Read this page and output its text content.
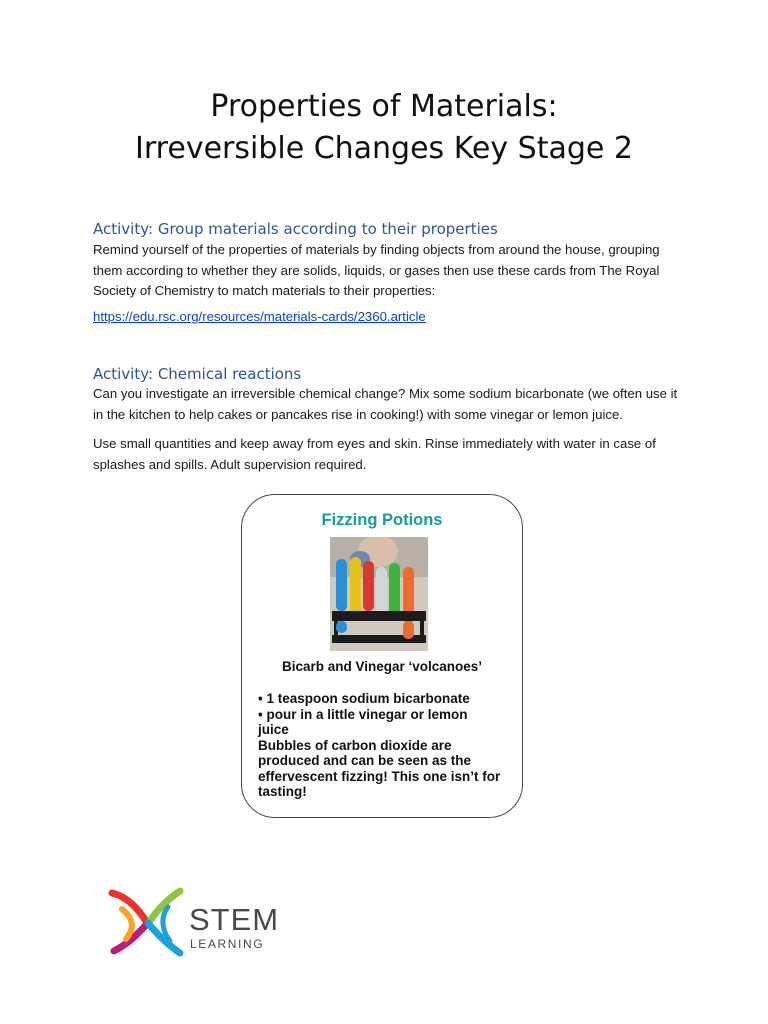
Properties of Materials:
Irreversible Changes Key Stage 2
Activity: Group materials according to their properties

Remind yourself of the properties of materials by finding objects from around the house, grouping them according to whether they are solids, liquids, or gases then use these cards from The Royal Society of Chemistry to match materials to their properties:

https://edu.rsc.org/resources/materials-cards/2360.article
Activity: Chemical reactions

Can you investigate an irreversible chemical change? Mix some sodium bicarbonate (we often use it in the kitchen to help cakes or pancakes rise in cooking!) with some vinegar or lemon juice.

Use small quantities and keep away from eyes and skin. Rinse immediately with water in case of splashes and spills. Adult supervision required.

Fizzing Potions
Bicarb and Vinegar ‘volcanoes’
• 1 teaspoon sodium bicarbonate
• pour in a little vinegar or lemon
juice
Bubbles of carbon dioxide are
produced and can be seen as the
effervescent fizzing! This one isn’t for
tasting!
STEM
LEARNING
